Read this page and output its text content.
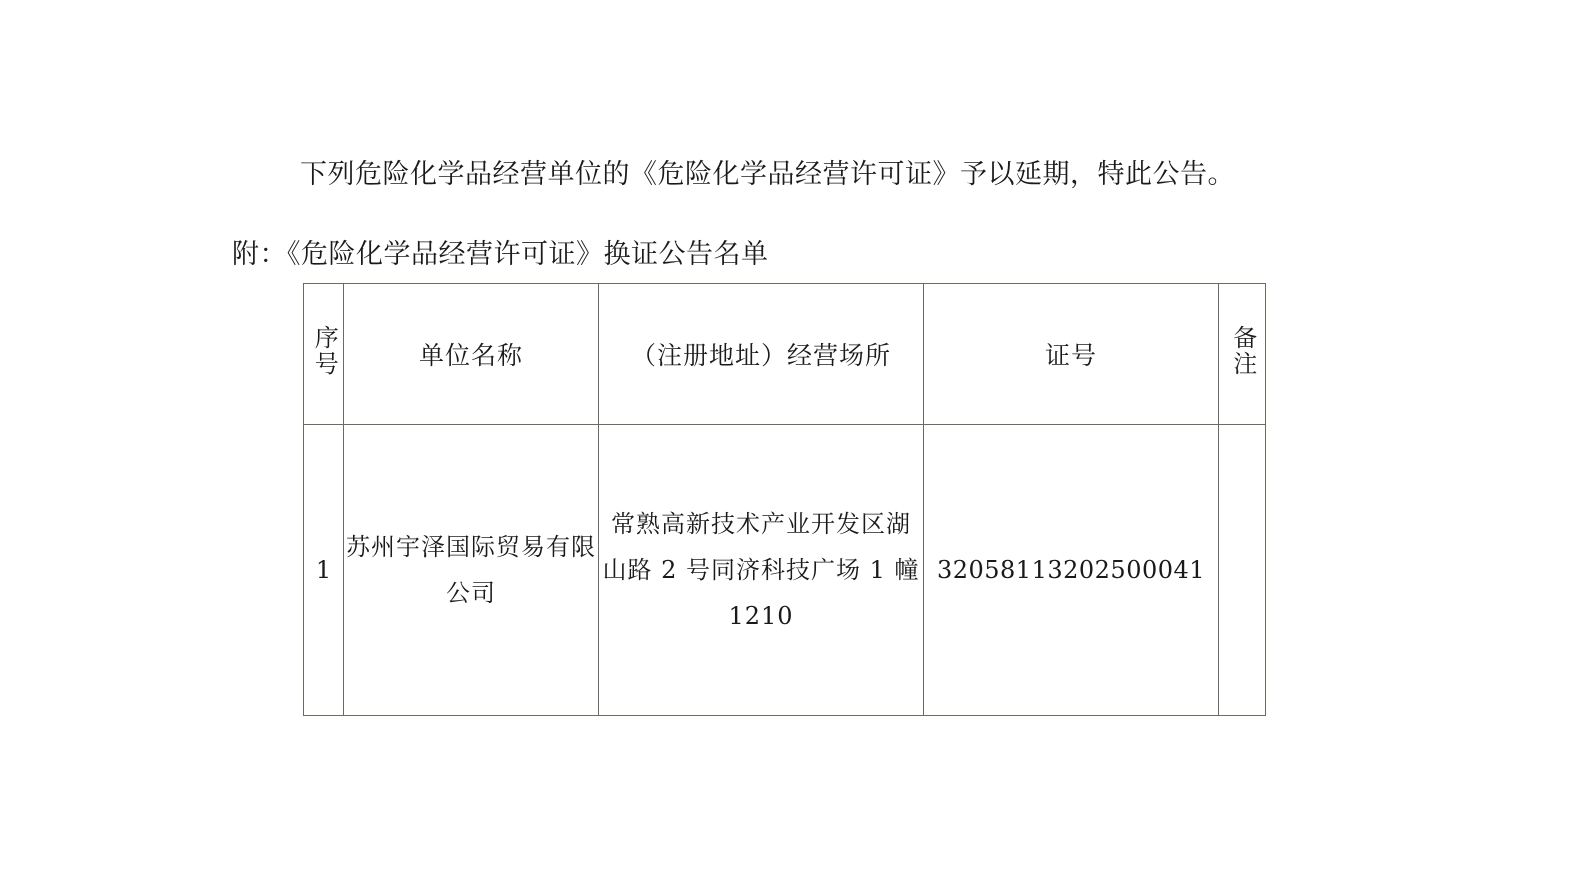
下列危险化学品经营单位的《危险化学品经营许可证》予以延期，特此公告。
附：《危险化学品经营许可证》换证公告名单
序号	单位名称	（注册地址）经营场所	证号	备注
1	苏州宇泽国际贸易有限公司	常熟高新技术产业开发区湖山路 2 号同济科技广场 1 幢 1210	32058113202500041	
